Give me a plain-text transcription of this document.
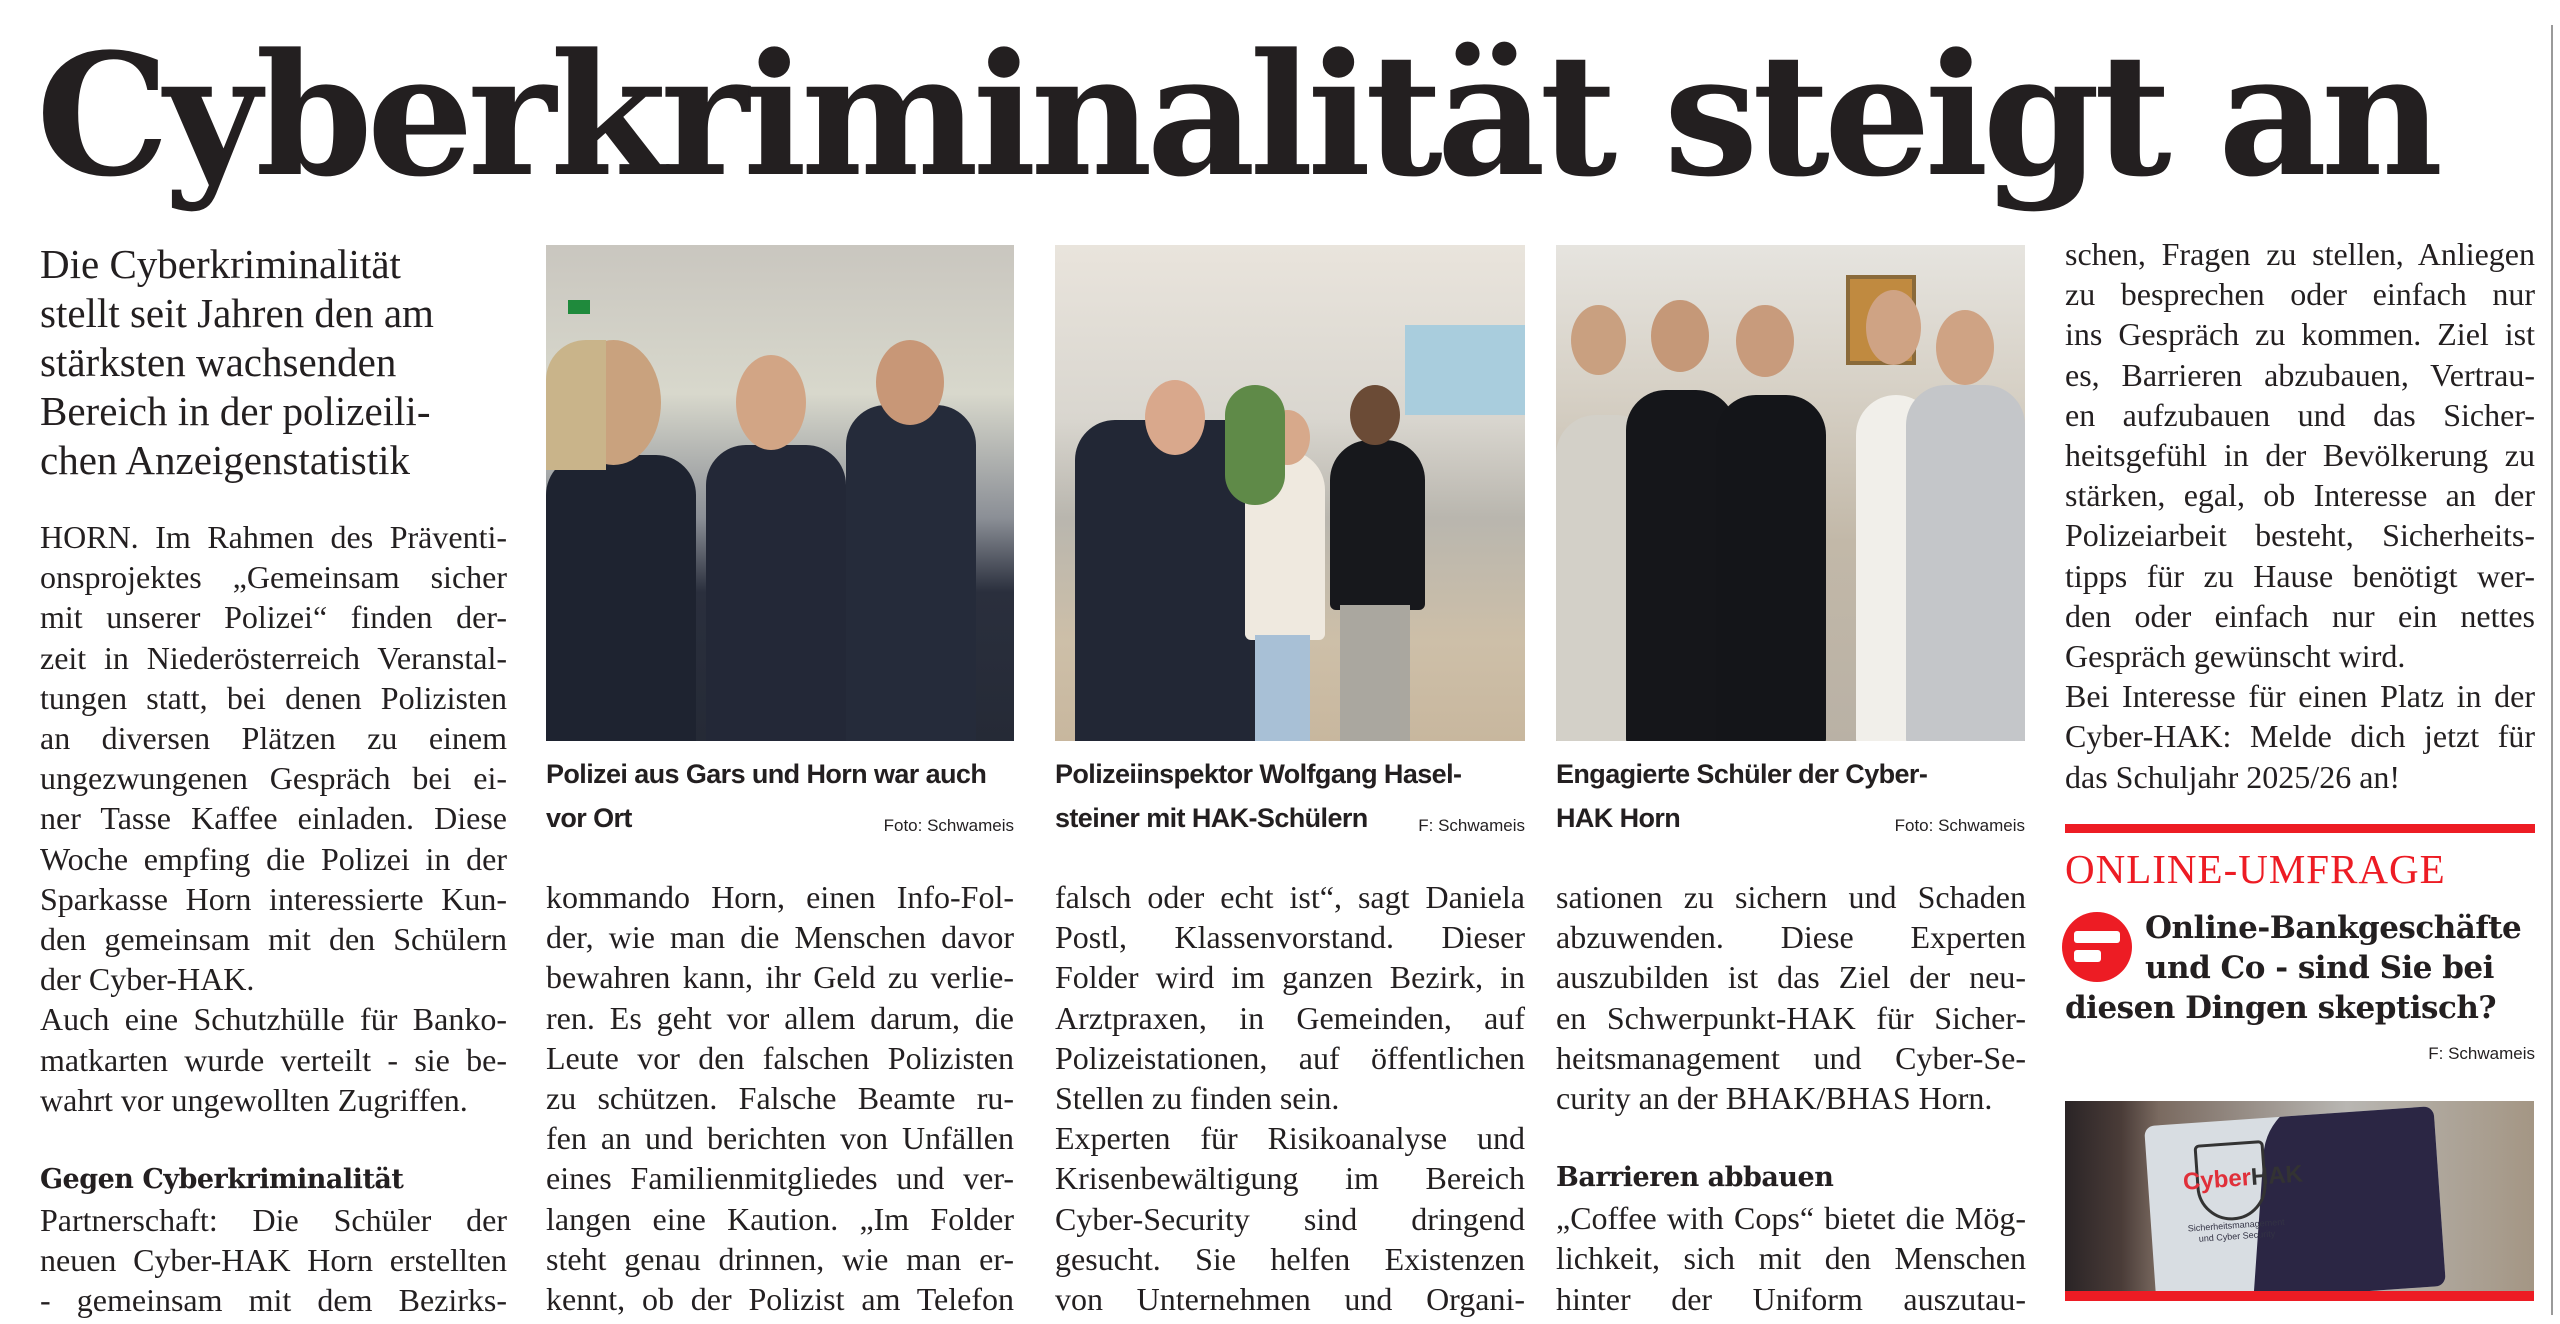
Cyberkriminalität steigt an
Die Cyberkriminalität
stellt seit Jahren den am
stärksten wachsenden
Bereich in der polizeili-
chen Anzeigenstatistik
HORN. Im Rahmen des Präventi-
onsprojektes „Gemeinsam sicher
mit unserer Polizei“ finden der-
zeit in Niederösterreich Veranstal-
tungen statt, bei denen Polizisten
an diversen Plätzen zu einem
ungezwungenen Gespräch bei ei-
ner Tasse Kaffee einladen. Diese
Woche empfing die Polizei in der
Sparkasse Horn interessierte Kun-
den gemeinsam mit den Schülern
der Cyber-HAK.
Auch eine Schutzhülle für Banko-
matkarten wurde verteilt - sie be-
wahrt vor ungewollten Zugriffen.
Gegen Cyberkriminalität
Partnerschaft: Die Schüler der
neuen Cyber-HAK Horn erstellten
- gemeinsam mit dem Bezirks-
Polizei aus Gars und Horn war auch
vor Ort	Foto: Schwameis
Polizeiinspektor Wolfgang Hasel-
steiner mit HAK-Schülern	F: Schwameis
Engagierte Schüler der Cyber-
HAK Horn	Foto: Schwameis
kommando Horn, einen Info-Fol-
der, wie man die Menschen davor
bewahren kann, ihr Geld zu verlie-
ren. Es geht vor allem darum, die
Leute vor den falschen Polizisten
zu schützen. Falsche Beamte ru-
fen an und berichten von Unfällen
eines Familienmitgliedes und ver-
langen eine Kaution. „Im Folder
steht genau drinnen, wie man er-
kennt, ob der Polizist am Telefon
falsch oder echt ist“, sagt Daniela
Postl, Klassenvorstand. Dieser
Folder wird im ganzen Bezirk, in
Arztpraxen, in Gemeinden, auf
Polizeistationen, auf öffentlichen
Stellen zu finden sein.
Experten für Risikoanalyse und
Krisenbewältigung im Bereich
Cyber-Security sind dringend
gesucht. Sie helfen Existenzen
von Unternehmen und Organi-
sationen zu sichern und Schaden
abzuwenden. Diese Experten
auszubilden ist das Ziel der neu-
en Schwerpunkt-HAK für Sicher-
heitsmanagement und Cyber-Se-
curity an der BHAK/BHAS Horn.
Barrieren abbauen
„Coffee with Cops“ bietet die Mög-
lichkeit, sich mit den Menschen
hinter der Uniform auszutau-
schen, Fragen zu stellen, Anliegen
zu besprechen oder einfach nur
ins Gespräch zu kommen. Ziel ist
es, Barrieren abzubauen, Vertrau-
en aufzubauen und das Sicher-
heitsgefühl in der Bevölkerung zu
stärken, egal, ob Interesse an der
Polizeiarbeit besteht, Sicherheits-
tipps für zu Hause benötigt wer-
den oder einfach nur ein nettes
Gespräch gewünscht wird.
Bei Interesse für einen Platz in der
Cyber-HAK: Melde dich jetzt für
das Schuljahr 2025/26 an!
ONLINE-UMFRAGE
Online-Bankgeschäfte
und Co - sind Sie bei
diesen Dingen skeptisch?
F: Schwameis
CyberHAK
Sicherheitsmanagement und Cyber Security
